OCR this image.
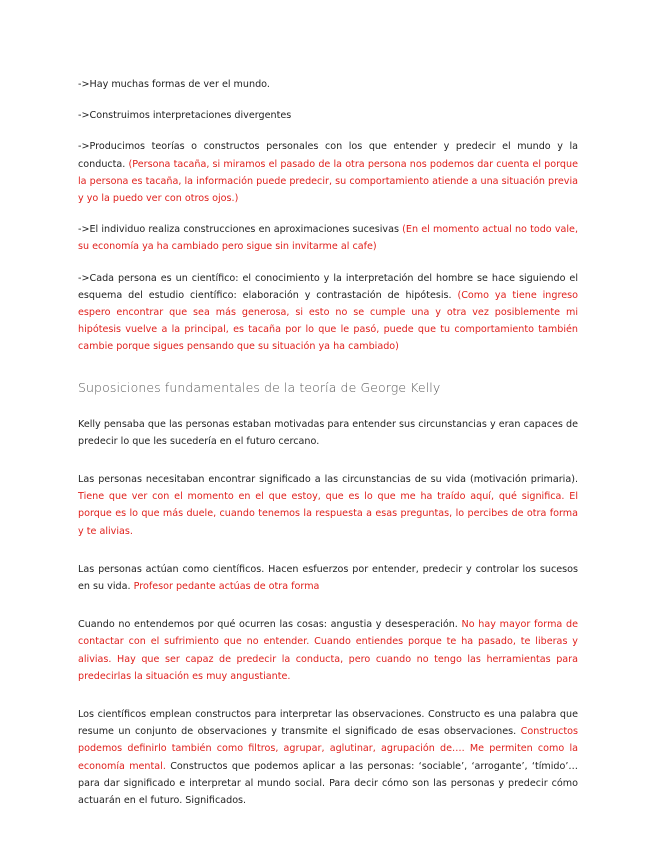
->Hay muchas formas de ver el mundo.

->Construimos interpretaciones divergentes

->Producimos teorías o constructos personales con los que entender y predecir el mundo y la conducta. (Persona tacaña, si miramos el pasado de la otra persona nos podemos dar cuenta el porque la persona es tacaña, la información puede predecir, su comportamiento atiende a una situación previa y yo la puedo ver con otros ojos.)

->El individuo realiza construcciones en aproximaciones sucesivas (En el momento actual no todo vale, su economía ya ha cambiado pero sigue sin invitarme al cafe)

->Cada persona es un científico: el conocimiento y la interpretación del hombre se hace siguiendo el esquema del estudio científico: elaboración y contrastación de hipótesis. (Como ya tiene ingreso espero encontrar que sea más generosa, si esto no se cumple una y otra vez posiblemente mi hipótesis vuelve a la principal, es tacaña por lo que le pasó, puede que tu comportamiento también cambie porque sigues pensando que su situación ya ha cambiado)

Suposiciones fundamentales de la teoría de George Kelly

Kelly pensaba que las personas estaban motivadas para entender sus circunstancias y eran capaces de predecir lo que les sucedería en el futuro cercano.

Las personas necesitaban encontrar significado a las circunstancias de su vida (motivación primaria). Tiene que ver con el momento en el que estoy, que es lo que me ha traído aquí, qué significa. El porque es lo que más duele, cuando tenemos la respuesta a esas preguntas, lo percibes de otra forma y te alivias.

Las personas actúan como científicos. Hacen esfuerzos por entender, predecir y controlar los sucesos en su vida. Profesor pedante actúas de otra forma

Cuando no entendemos por qué ocurren las cosas: angustia y desesperación. No hay mayor forma de contactar con el sufrimiento que no entender. Cuando entiendes porque te ha pasado, te liberas y alivias. Hay que ser capaz de predecir la conducta, pero cuando no tengo las herramientas para predecirlas la situación es muy angustiante.

Los científicos emplean constructos para interpretar las observaciones. Constructo es una palabra que resume un conjunto de observaciones y transmite el significado de esas observaciones. Constructos podemos definirlo también como filtros, agrupar, aglutinar, agrupación de…. Me permiten como la economía mental. Constructos que podemos aplicar a las personas: ‘sociable’, ‘arrogante’, ‘tímido’… para dar significado e interpretar al mundo social. Para decir cómo son las personas y predecir cómo actuarán en el futuro. Significados.
